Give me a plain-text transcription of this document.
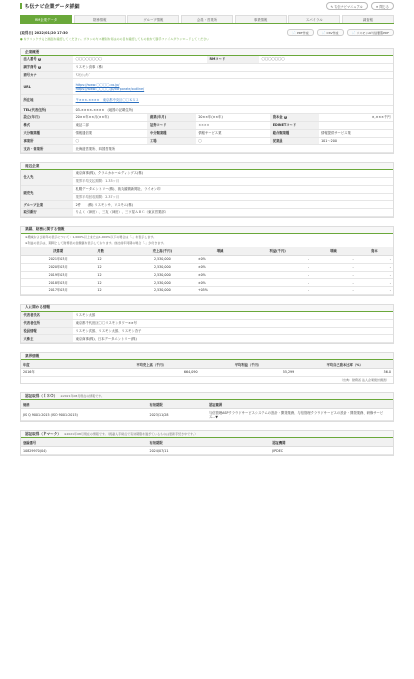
ち伝ナビ企業データ詳細	✎ ち伝ナビマニュアル	✕ 閉じる
RM企業データ	財務情報	グループ情報	会員・営業所	事業情報	スパイラル	調査報
[取得日] 2022/01/20 17:30	📄 PDF作成	📄 CSV作成	📄 リスモンAI与信要覧PDF
● をクリックすると画面を確認してください。ポタンの与ス種別を何はのの目を確認してもの他をて勝手ファイルダウンロードしてください
企業概要
法人番号 ?	〇〇〇〇〇〇〇〇	RMコード	〇〇〇〇〇〇〇
調字商号 ?	リスモン食事（株）		
商号カナ	ﾘｽﾓﾝｼｮｸｼﾞ		
URL	https://www.〇〇〇〇.co.jp/
https://www.〇〇〇〇.jp/corporate/outline/		

所在地	〒×××-××××　東京都中央区〇〇ＫＸ２		
TEL(代表住所)	03-××××-××××　(地図の記載住所)		
設立(年月)	20××年××月(××年)	創業(年月)	20××年(××年)	資本金 ?	×,×××千円
株式	東証二部	証券コード	××××	EDINETコード	
大分類業種	情報通信業	中分類業種	情報サービス業	総合類業種	情報提供サービス業
事業所	〇	工場	〇	従業員	101～200
支店・営業所	北海道営業所、四国営業所				
周辺企業
仕入先	東京商事(株)、クラニカホールディングス(株)
	業界平均支払期間：1.33ヶ月
販売先	札幌データエントリー(株)、荻丸観測新聞社、ライオン印
	業界平均回収期間：2.37ヶ月
グループ企業	2件　　(株) リスモンサ、リスモニ(株)
取引銀行	りんく（神田）、三友（神田）、三ツ星ＡＢＣ（東京営業部）
業績、財務に関する情報
※増減および前年の表示について：1,000%以上または1,000%以下の場合は「-」を表示します。
※利益の表示は、期間として財務表の金額値を表示しております。他社前年同期の場合「-」が付きます。
決算期	月数	売上高(千円)	増減	利益(千円)	増減	資本
2021年03月	12	2,530,000	±0%	-	-	-
2020年03月	12	2,530,000	±0%	-	-	-
2019年03月	12	2,530,000	±0%	-	-	-
2018年03月	12	2,530,000	±0%	-	-	-
2017年03月	12	2,530,000	+05%	-	-	-
人に関わる情報
代表者氏名	リスモン太郎
代表者住所	東京都千代田区〇〇リスモンタワー××号
役員情報	リスモン次郎、リスモン太郎、リスモン杏子
大株主	東京商事(株)、日本データエントリー(株)
業界情報
年度	平均売上高（千円）	平均利益（千円）	平均自己資本比率（%）
2016年	664,090	55,299	56.0
（出典：財務省 法人企業統計調査）
認証取得（ＩＳＯ） ※2021年08月現在の情報です。
規格	有効期限	認証範囲
JIS Q 9001:2015 (ISO 9001:2015)	2023/11/28	与信管理ASPクラウドサービスシステムの設計・開発業務、与信管理クラウドサービスの設計・開発業務、研修サービス...▼
認証取得（Ｐマーク） ※2021年08月現在の情報です。（掲載入手時点で有効期限を過ぎているものは更新手続き中です。）
登録番号	有効期限	認証機関
10829970(04)	2024/07/11	JIPDEC
